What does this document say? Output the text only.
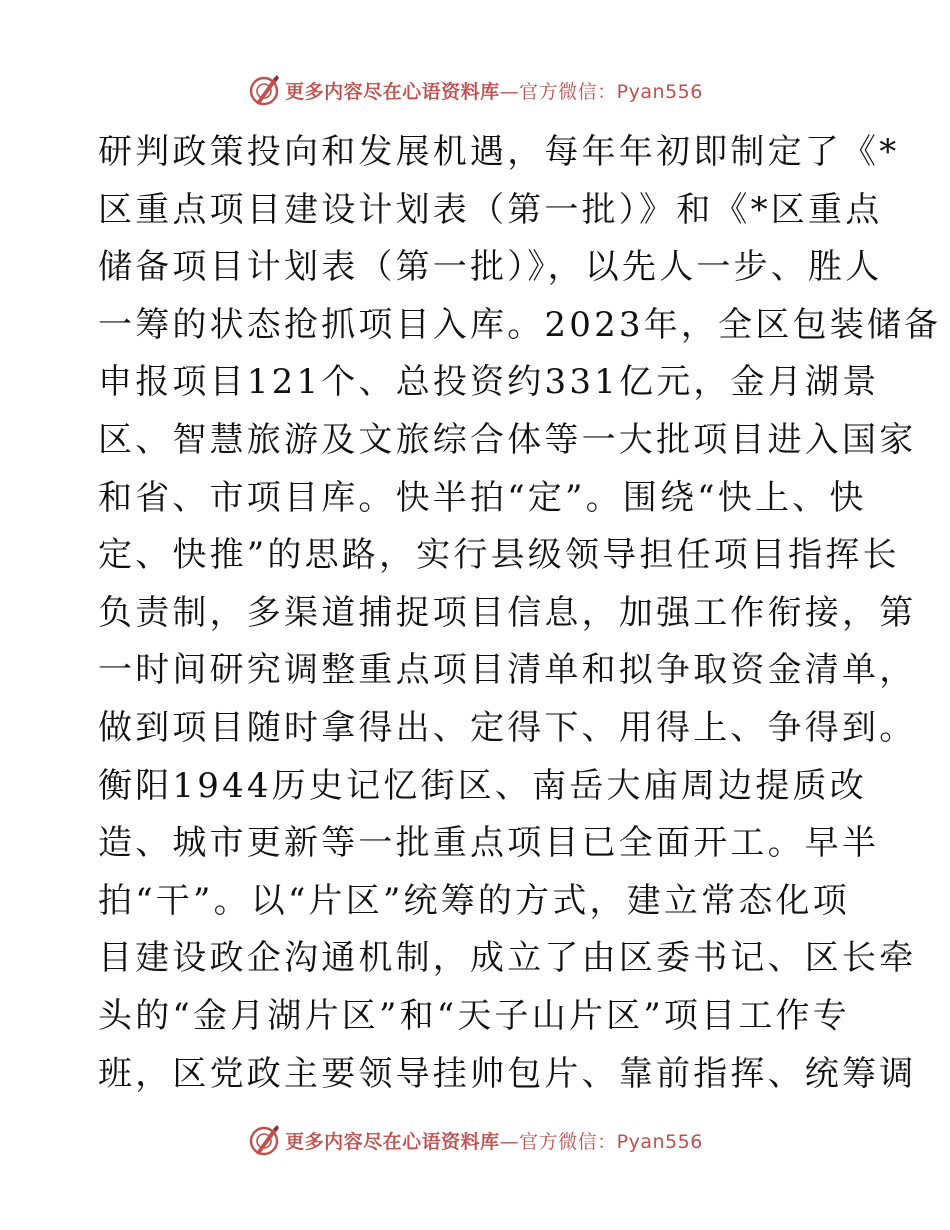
更多内容尽在心语资料库—官方微信：Pyan556
研判政策投向和发展机遇，每年年初即制定了《*
区重点项目建设计划表（第一批）》和《*区重点
储备项目计划表（第一批）》，以先人一步、胜人
一筹的状态抢抓项目入库。2023年，全区包装储备
申报项目121个、总投资约331亿元，金月湖景
区、智慧旅游及文旅综合体等一大批项目进入国家
和省、市项目库。快半拍“定”。围绕“快上、快
定、快推”的思路，实行县级领导担任项目指挥长
负责制，多渠道捕捉项目信息，加强工作衔接，第
一时间研究调整重点项目清单和拟争取资金清单，
做到项目随时拿得出、定得下、用得上、争得到。
衡阳1944历史记忆街区、南岳大庙周边提质改
造、城市更新等一批重点项目已全面开工。早半
拍“干”。以“片区”统筹的方式，建立常态化项
目建设政企沟通机制，成立了由区委书记、区长牵
头的“金月湖片区”和“天子山片区”项目工作专
班，区党政主要领导挂帅包片、靠前指挥、统筹调
更多内容尽在心语资料库—官方微信：Pyan556
